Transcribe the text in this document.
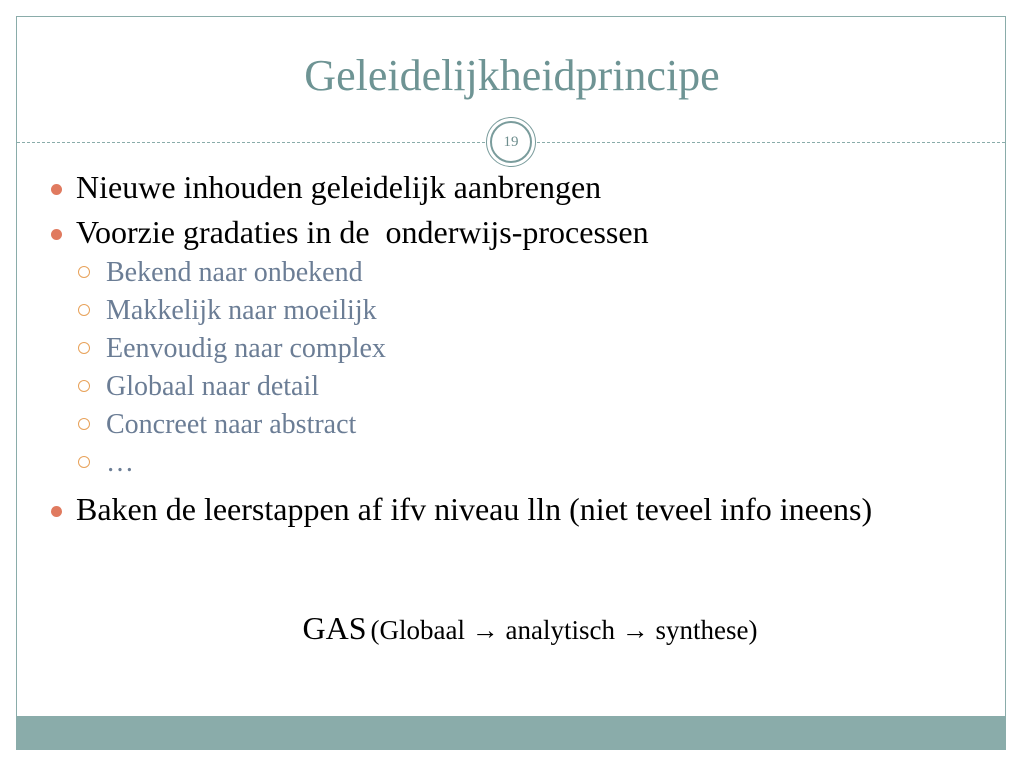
Geleidelijkheidprincipe
19
Nieuwe inhouden geleidelijk aanbrengen
Voorzie gradaties in de  onderwijs-processen
Bekend naar onbekend
Makkelijk naar moeilijk
Eenvoudig naar complex
Globaal naar detail
Concreet naar abstract
…
Baken de leerstappen af ifv niveau lln (niet teveel info ineens)
GAS (Globaal → analytisch → synthese)
